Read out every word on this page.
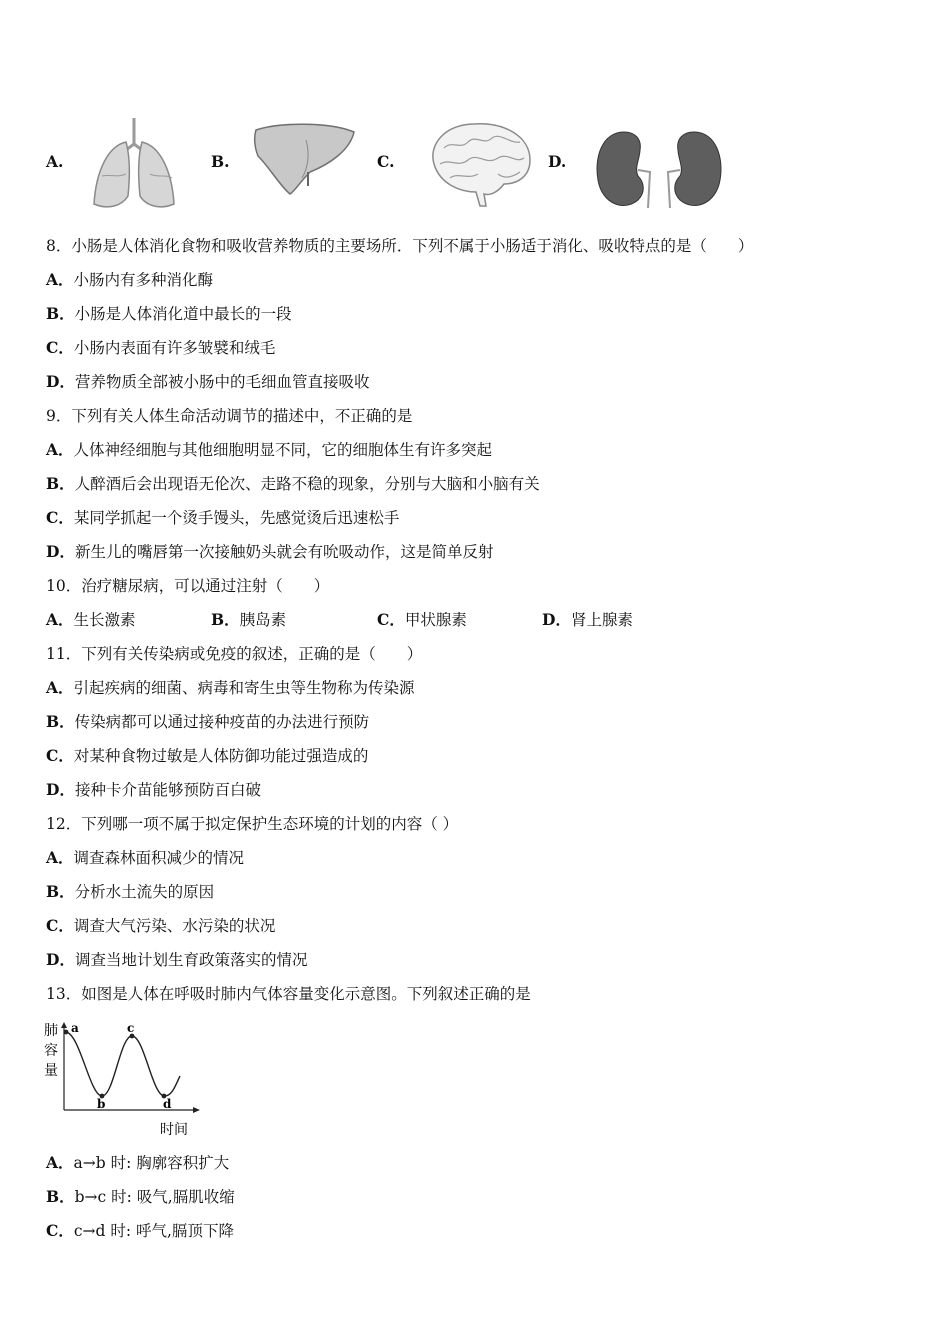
A.	B.	C.	D.
8．小肠是人体消化食物和吸收营养物质的主要场所．下列不属于小肠适于消化、吸收特点的是（　　）
A．小肠内有多种消化酶
B．小肠是人体消化道中最长的一段
C．小肠内表面有许多皱襞和绒毛
D．营养物质全部被小肠中的毛细血管直接吸收
9．下列有关人体生命活动调节的描述中，不正确的是
A．人体神经细胞与其他细胞明显不同，它的细胞体生有许多突起
B．人醉酒后会出现语无伦次、走路不稳的现象，分别与大脑和小脑有关
C．某同学抓起一个烫手馒头，先感觉烫后迅速松手
D．新生儿的嘴唇第一次接触奶头就会有吮吸动作，这是简单反射
10．治疗糖尿病，可以通过注射（　　）
A．生长激素	B．胰岛素	C．甲状腺素	D．肾上腺素
11．下列有关传染病或免疫的叙述，正确的是（　　）
A．引起疾病的细菌、病毒和寄生虫等生物称为传染源
B．传染病都可以通过接种疫苗的办法进行预防
C．对某种食物过敏是人体防御功能过强造成的
D．接种卡介苗能够预防百白破
12．下列哪一项不属于拟定保护生态环境的计划的内容（ ）
A．调查森林面积减少的情况
B．分析水土流失的原因
C．调查大气污染、水污染的状况
D．调查当地计划生育政策落实的情况
13．如图是人体在呼吸时肺内气体容量变化示意图。下列叙述正确的是
肺
容
量
a
b
c
d
时间
A．a→b 时: 胸廓容积扩大
B．b→c 时: 吸气,膈肌收缩
C．c→d 时: 呼气,膈顶下降
